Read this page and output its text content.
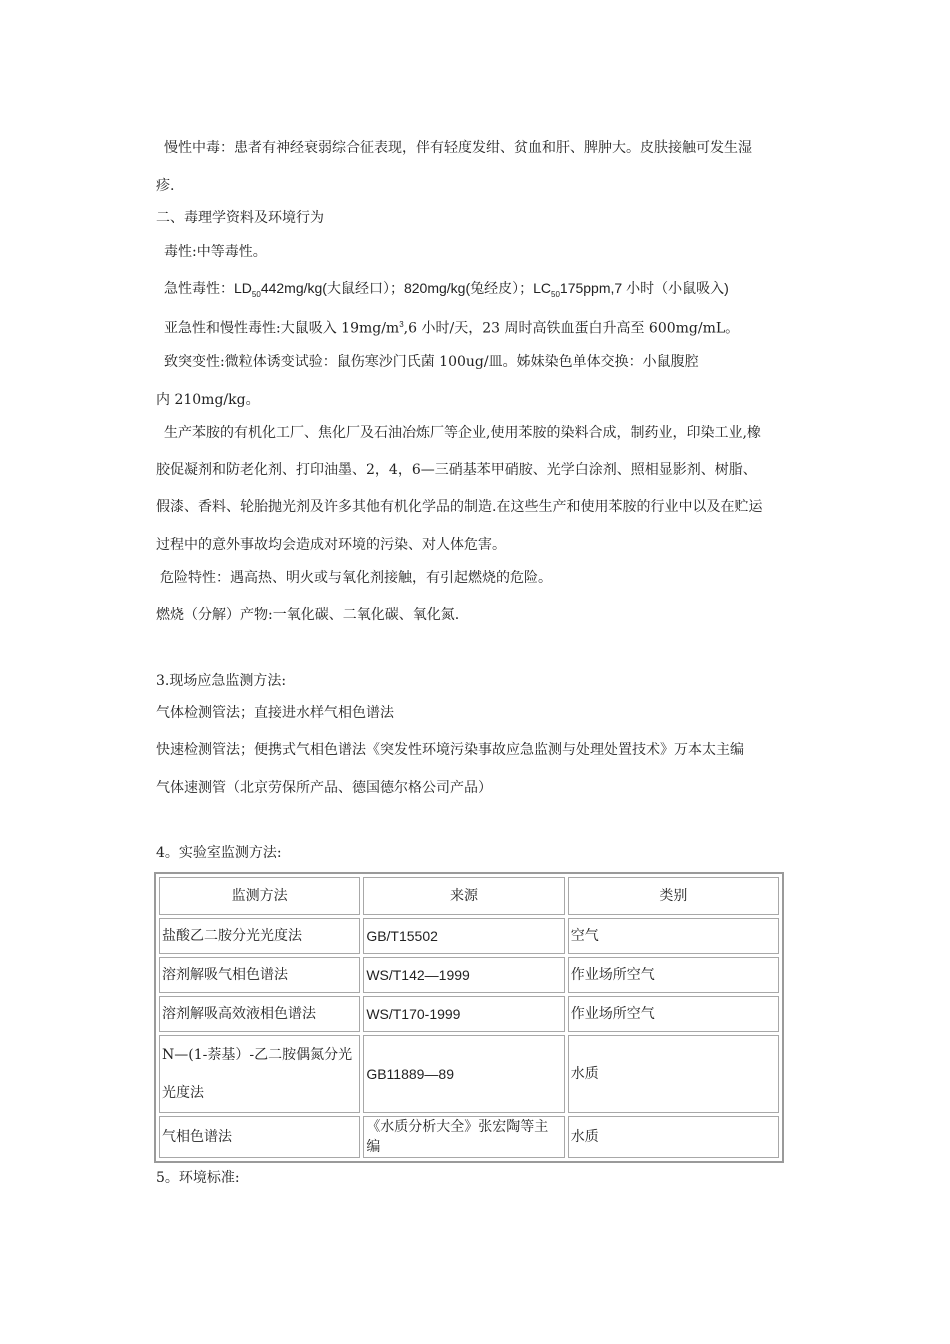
慢性中毒：患者有神经衰弱综合征表现，伴有轻度发绀、贫血和肝、脾肿大。皮肤接触可发生湿
疹.
二、毒理学资料及环境行为
毒性:中等毒性。
急性毒性：$LD_{50}442mg/kg$(大鼠经口）；820mg/kg(兔经皮）；$LC_{50}175ppm,7$ 小时（小鼠吸入)
亚急性和慢性毒性:大鼠吸入 $19mg/m^3,6$ 小时/天，23 周时高铁血蛋白升高至 600mg/mL。
致突变性:微粒体诱变试验：鼠伤寒沙门氏菌 100ug/皿。姊妹染色单体交换：小鼠腹腔
内 210mg/kg。
生产苯胺的有机化工厂、焦化厂及石油冶炼厂等企业,使用苯胺的染料合成，制药业，印染工业,橡
胶促凝剂和防老化剂、打印油墨、2，4，6—三硝基苯甲硝胺、光学白涂剂、照相显影剂、树脂、
假漆、香料、轮胎抛光剂及许多其他有机化学品的制造.在这些生产和使用苯胺的行业中以及在贮运
过程中的意外事故均会造成对环境的污染、对人体危害。
危险特性：遇高热、明火或与氧化剂接触，有引起燃烧的危险。
燃烧（分解）产物:一氧化碳、二氧化碳、氧化氮.
3.现场应急监测方法:
气体检测管法；直接进水样气相色谱法
快速检测管法；便携式气相色谱法《突发性环境污染事故应急监测与处理处置技术》万本太主编
气体速测管（北京劳保所产品、德国德尔格公司产品）
4。实验室监测方法:
监测方法	来源	类别
盐酸乙二胺分光光度法	GB/T15502	空气
溶剂解吸气相色谱法	WS/T142—1999	作业场所空气
溶剂解吸高效液相色谱法	WS/T170-1999	作业场所空气

N—(1-萘基）-乙二胺偶氮分光光度法	GB11889—89	水质
气相色谱法	《水质分析大全》张宏陶等主编	水质
5。环境标准:
